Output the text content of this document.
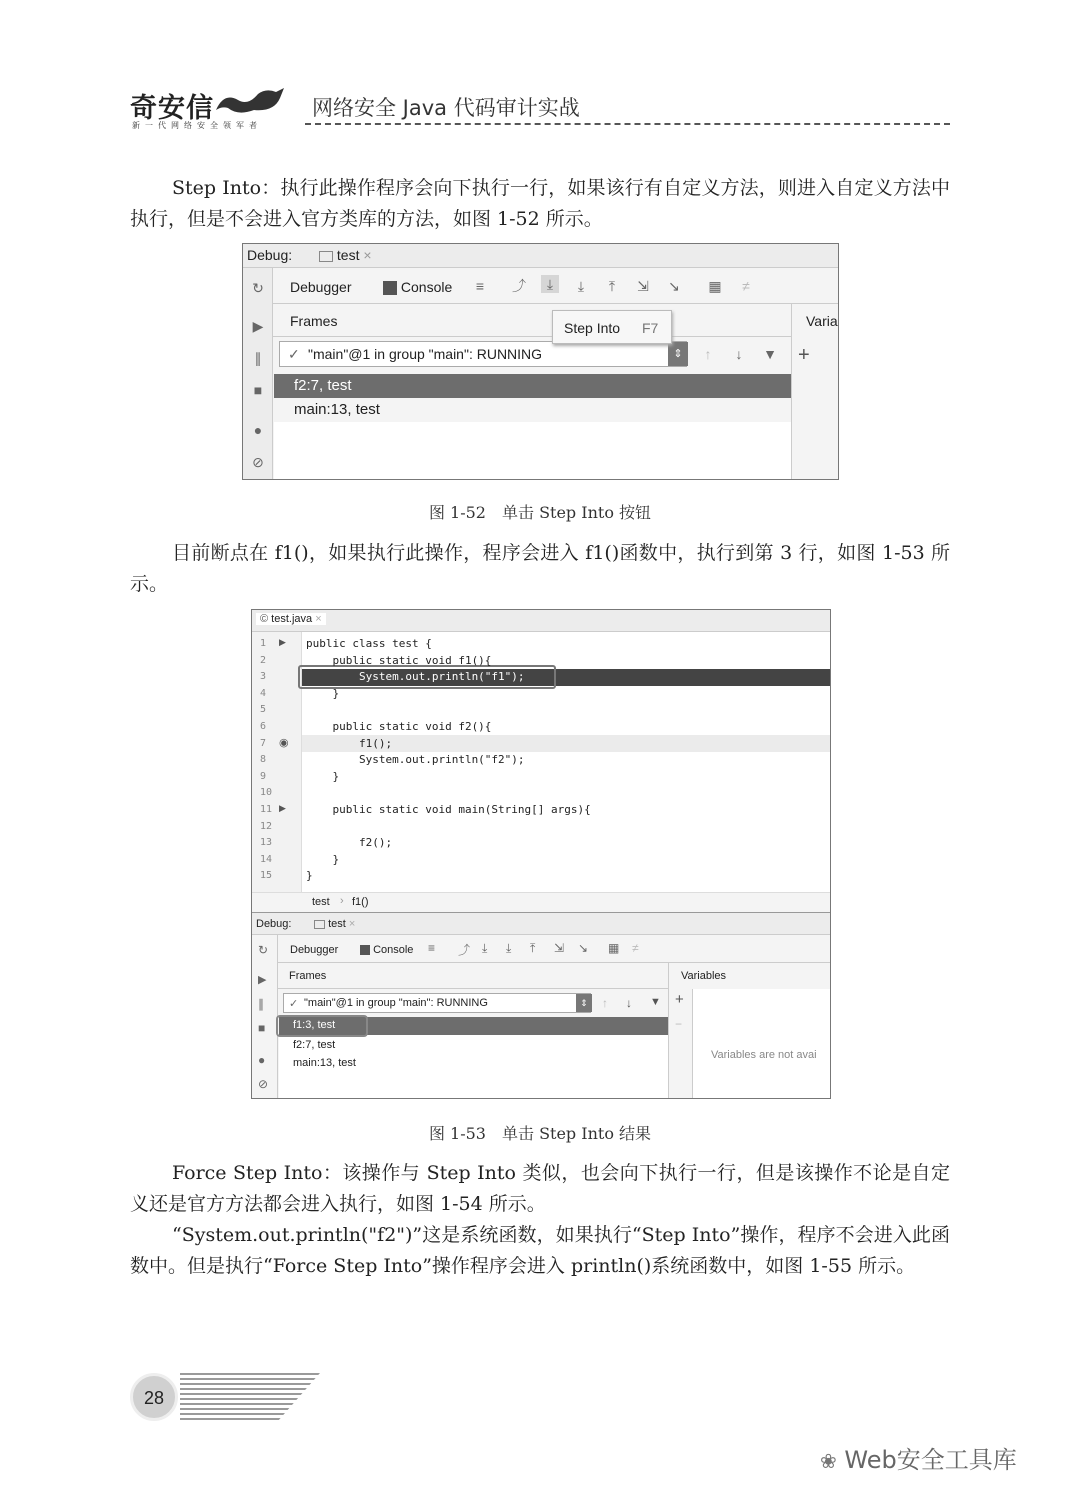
奇安信
新一代网络安全领军者
网络安全 Java 代码审计实战

Step Into：执行此操作程序会向下执行一行，如果该行有自定义方法，则进入自定义方法中执行，但是不会进入官方类库的方法，如图 1-52 所示。

Debug:	test ×
↻
▶
∥
■
●
⊘
Debugger	Console	≡	⤴	⤓	⤓	⤒	⇲ ↘ ▦	≠
Frames	Varia
+
✓ "main"@1 in group "main": RUNNING	⇕	↑	↓	▼
f2:7, test
main:13, test
Step Into F7
图 1-52　单击 Step Into 按钮

目前断点在 f1()，如果执行此操作，程序会进入 f1()函数中，执行到第 3 行，如图 1-53 所示。

© test.java ×
1	public class test {
2	public static void f1(){
3	System.out.println("f1");
4	}
5
6	public static void f2(){
7	f1();
8	System.out.println("f2");
9	}
10
11	public static void main(String[] args){
12
13	f2();
14	}
15	}
▶
▶
◉
test › f1()
Debug:	test ×
↻
▶
∥
■
●
⊘
Debugger	Console ≡ ⤴ ⤓ ⤓ ⤒ ⇲ ↘ ▦ ≠
Frames	Variables
+
−
Variables are not avai
✓ "main"@1 in group "main": RUNNING	⇕	↑ ↓ ▼
f1:3, test
f2:7, test
main:13, test
图 1-53　单击 Step Into 结果

Force Step Into：该操作与 Step Into 类似，也会向下执行一行，但是该操作不论是自定义还是官方方法都会进入执行，如图 1-54 所示。

“System.out.println("f2")”这是系统函数，如果执行“Step Into”操作，程序不会进入此函数中。但是执行“Force Step Into”操作程序会进入 println()系统函数中，如图 1-55 所示。

28
❀ Web安全工具库
